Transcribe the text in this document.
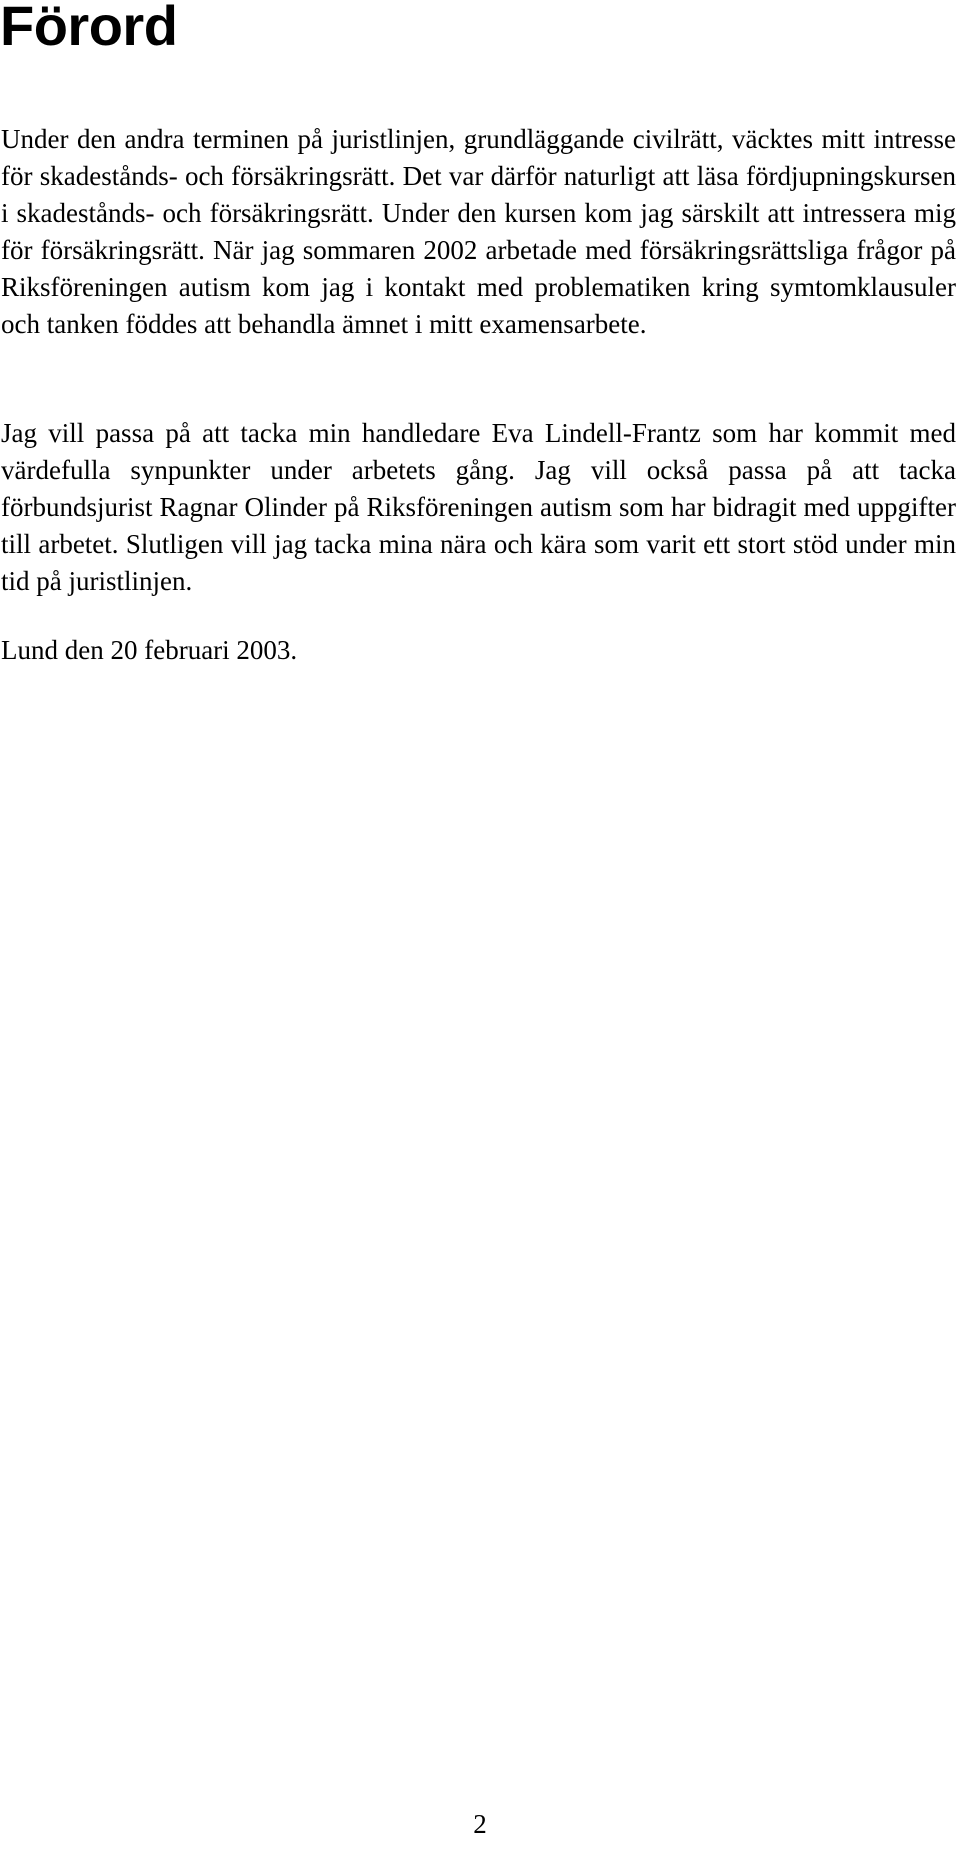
Förord

Under den andra terminen på juristlinjen, grundläggande civilrätt, väcktes mitt intresse för skadestånds- och försäkringsrätt. Det var därför naturligt att läsa fördjupningskursen i skadestånds- och försäkringsrätt. Under den kursen kom jag särskilt att intressera mig för försäkringsrätt. När jag sommaren 2002 arbetade med försäkringsrättsliga frågor på Riksföreningen autism kom jag i kontakt med problematiken kring symtomklausuler och tanken föddes att behandla ämnet i mitt examensarbete.

Jag vill passa på att tacka min handledare Eva Lindell-Frantz som har kommit med värdefulla synpunkter under arbetets gång. Jag vill också passa på att tacka förbundsjurist Ragnar Olinder på Riksföreningen autism som har bidragit med uppgifter till arbetet. Slutligen vill jag tacka mina nära och kära som varit ett stort stöd under min tid på juristlinjen.

Lund den 20 februari 2003.

2
